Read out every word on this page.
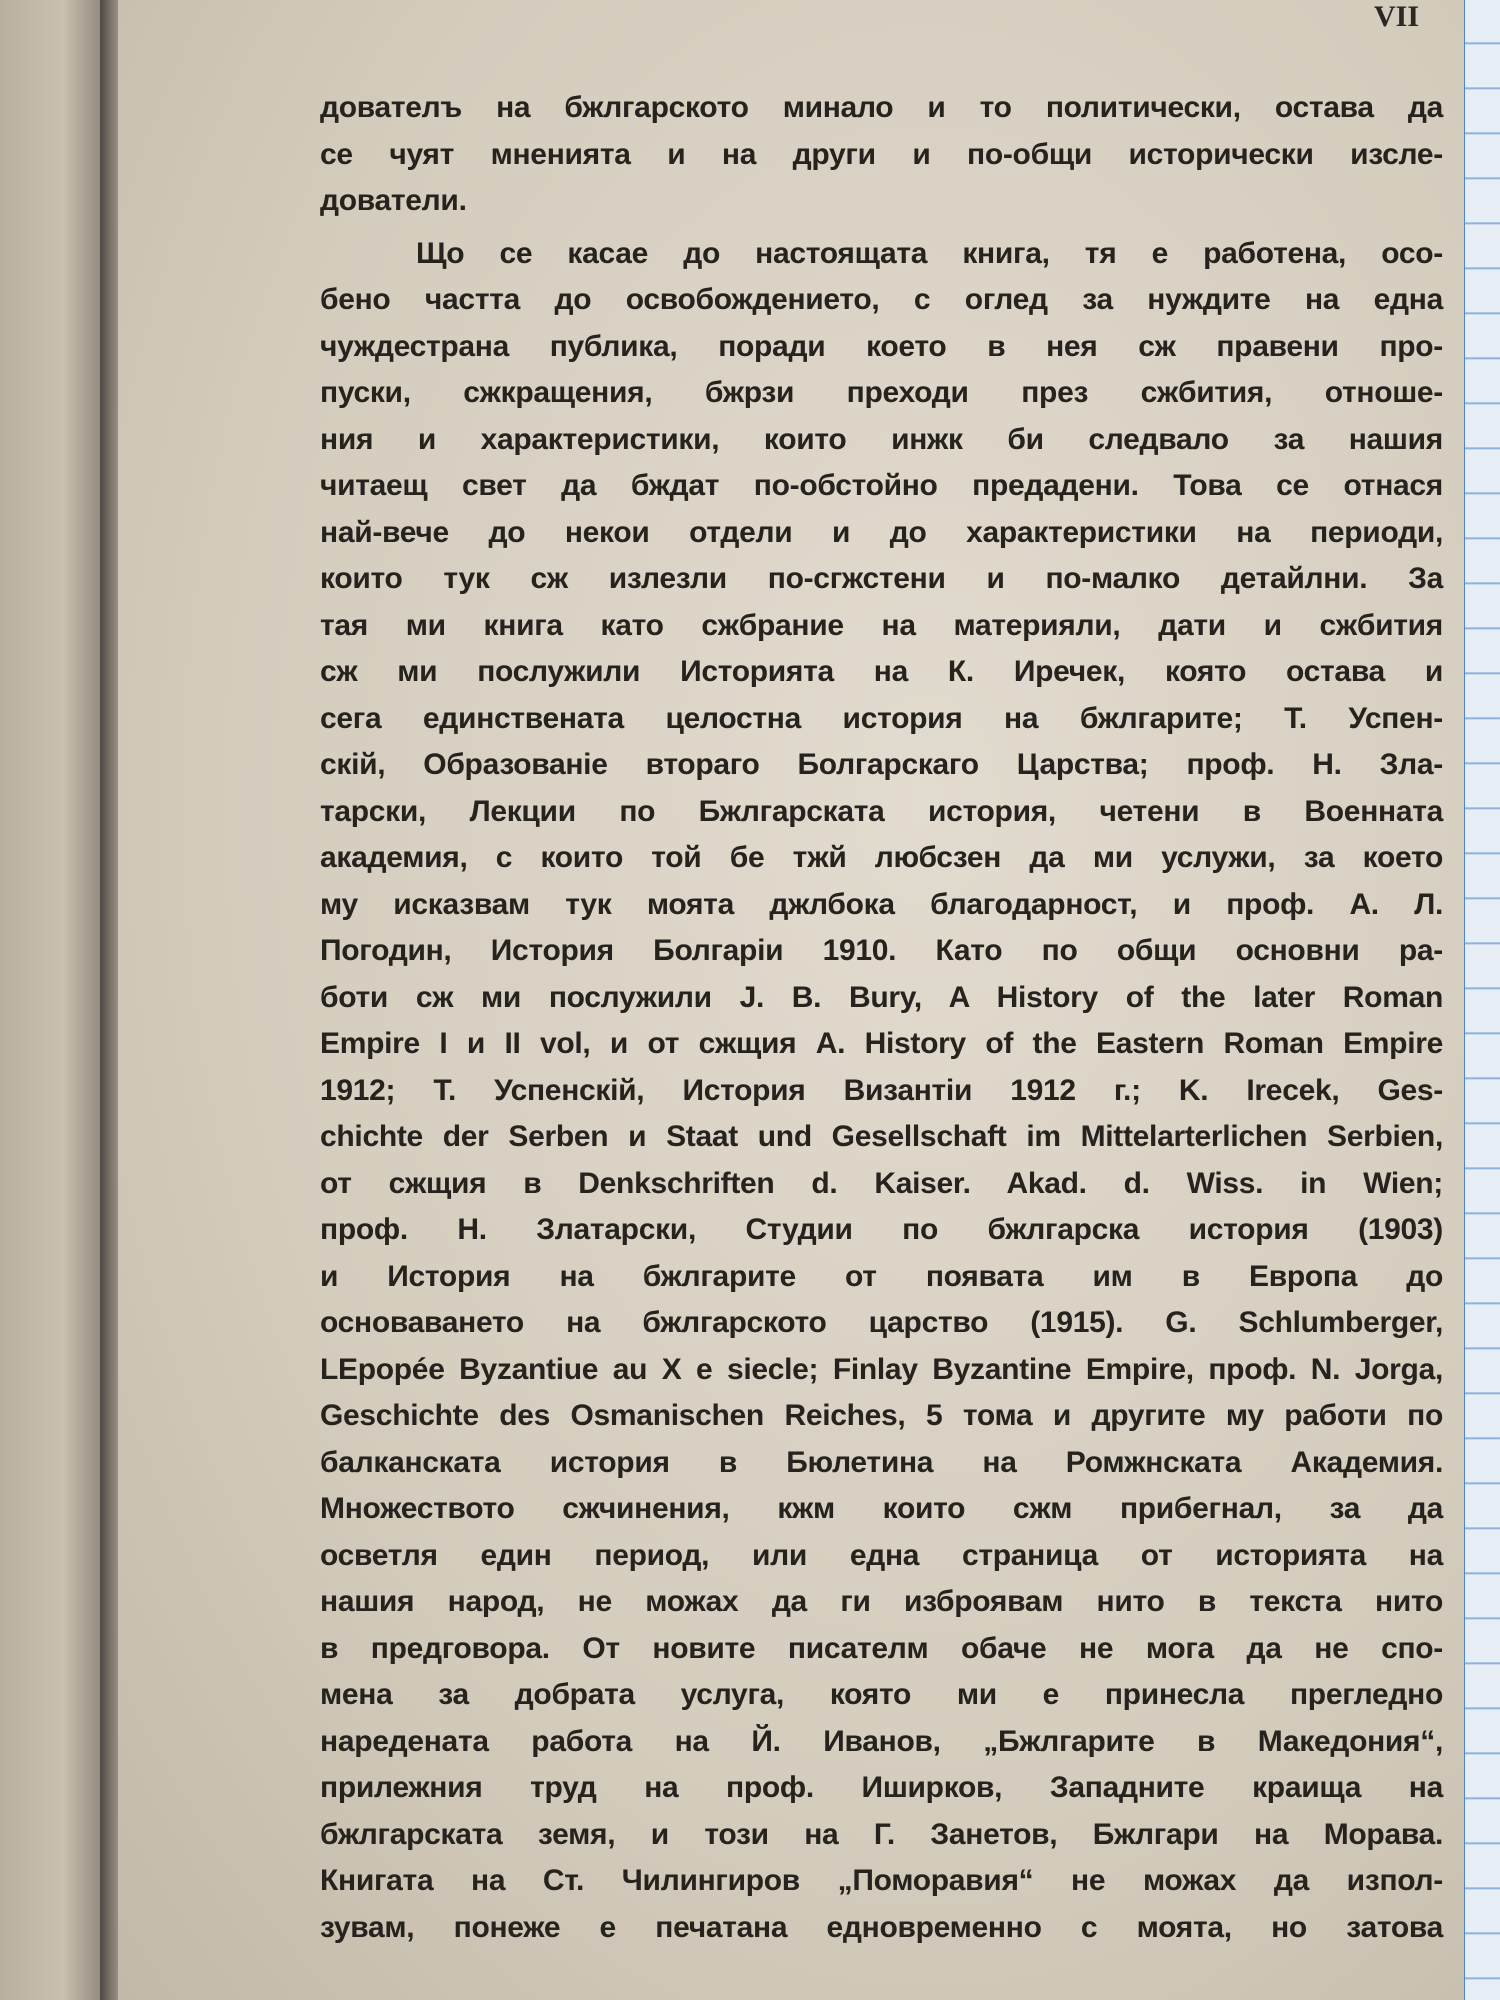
VII
дователъ на бжлгарското минало и то политически, остава да
се чуят мненията и на други и по-общи исторически изсле-
дователи.
Що се касае до настоящата книга, тя е работена, осо-
бено частта до освобождението, с оглед за нуждите на една
чуждестрана публика, поради което в нея сж правени про-
пуски, сжкращения, бжрзи преходи през сжбития, отноше-
ния и характеристики, които инжк би следвало за нашия
читаещ свет да бждат по-обстойно предадени. Това се отнася
най-вече до некои отдели и до характеристики на периоди,
които тук сж излезли по-сгжстени и по-малко детайлни. За
тая ми книга като сжбрание на материяли, дати и сжбития
сж ми послужили Историята на К. Иречек, която остава и
сега единствената целостна история на бжлгарите; Т. Успен-
скiй, Образованiе втораго Болгарскаго Царства; проф. Н. Зла-
тарски, Лекции по Бжлгарската история, четени в Военната
академия, с които той бе тжй любсзен да ми услужи, за което
му исказвам тук моята джлбока благодарност, и проф. А. Л.
Погодин, История Болгарiи 1910. Като по общи основни ра-
боти сж ми послужили J. B. Bury, A History of the later Roman
Empire I и II vol, и от сжщия A. History of the Eastern Roman Empire
1912; Т. Успенскiй, История Византiи 1912 г.; K. Irecek, Ges-
chichte der Serben и Staat und Gesellschaft im Mittelarterlichen Serbien,
от сжщия в Denkschriften d. Kaiser. Akad. d. Wiss. in Wien;
проф. Н. Златарски, Студии по бжлгарска история (1903)
и История на бжлгарите от появата им в Европа до
основаването на бжлгарското царство (1915). G. Schlumberger,
LEpopée Byzantiue au X e siecle; Finlay Byzantine Empire, проф. N. Jorga,
Geschichte des Osmanischen Reiches, 5 тома и другите му работи по
балканската история в Бюлетина на Ромжнската Академия.
Множеството сжчинения, кжм които сжм прибегнал, за да
осветля един период, или една страница от историята на
нашия народ, не можах да ги изброявам нито в текста нито
в предговора. От новите писателм обаче не мога да не спо-
мена за добрата услуга, която ми е принесла прегледно
наредената работа на Й. Иванов, „Бжлгарите в Македония“,
прилежния труд на проф. Иширков, Западните краища на
бжлгарската земя, и този на Г. Занетов, Бжлгари на Морава.
Книгата на Ст. Чилингиров „Поморавия“ не можах да изпол-
зувам, понеже е печатана едновременно с моята, но затова
